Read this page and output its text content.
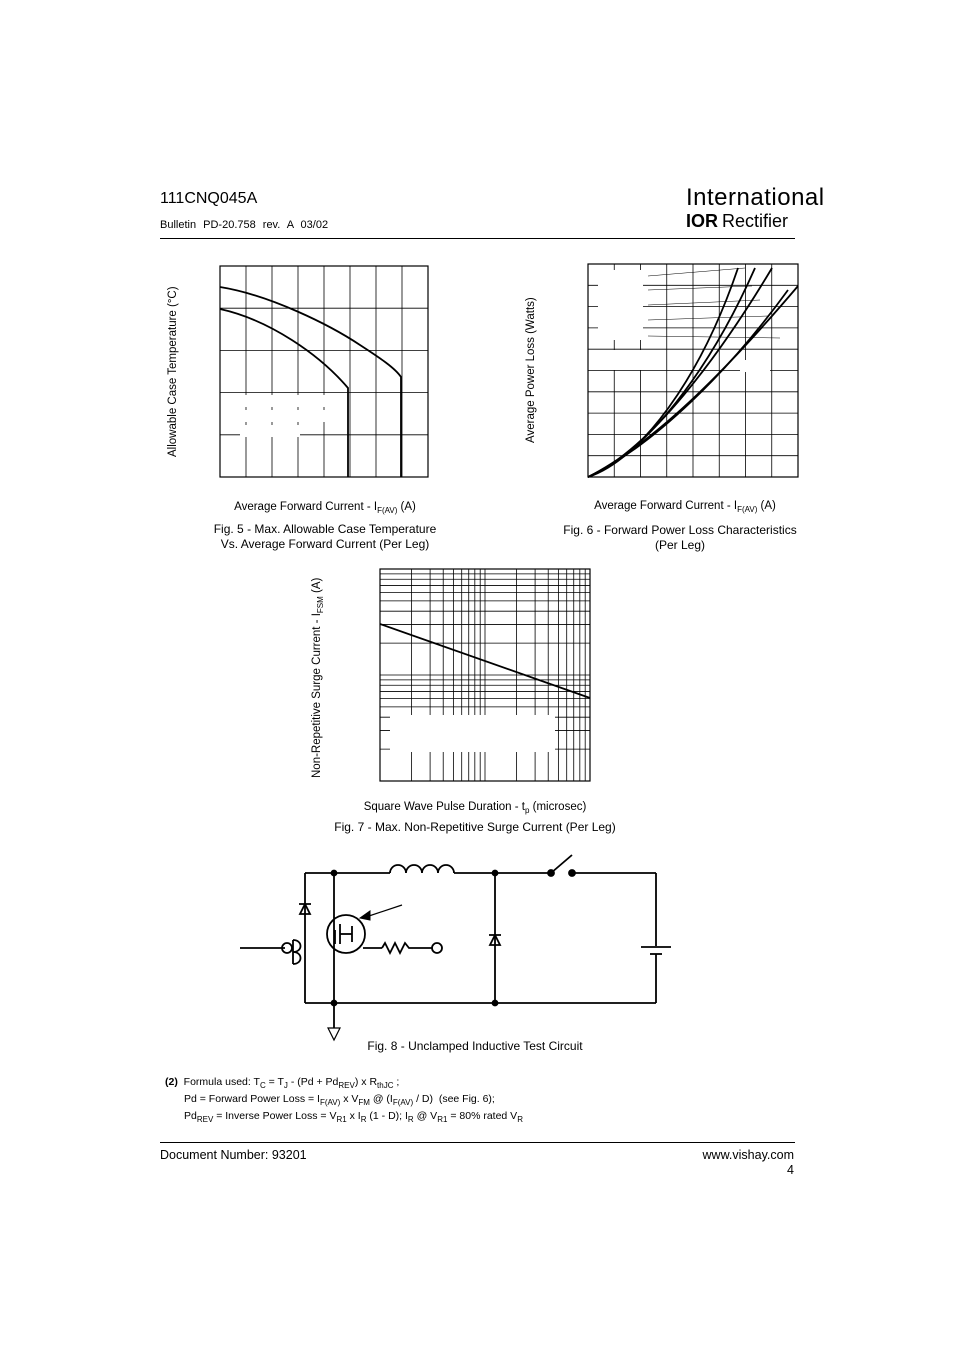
111CNQ045A
Bulletin PD-20.758 rev. A 03/02
International
IOR Rectifier
Allowable Case Temperature (°C)
Average Forward Current - $I_{F(AV)}$ (A)
Fig. 5 - Max. Allowable Case Temperature
Vs. Average Forward Current (Per Leg)
Average Power Loss (Watts)
Average Forward Current - $I_{F(AV)}$ (A)
Fig. 6 - Forward Power Loss Characteristics
(Per Leg)
Non-Repetitive Surge Current - $I_{FSM}$ (A)
Square Wave Pulse Duration - $t_p$ (microsec)
Fig. 7 - Max. Non-Repetitive Surge Current (Per Leg)
Fig. 8 - Unclamped Inductive Test Circuit
(2)  Formula used: $T_C = T_J - (Pd + Pd_{REV})$ x $R_{thJC}$ ;
Pd = Forward Power Loss = $I_{F(AV)}$ x $V_{FM}$ @ $(I_{F(AV)} / D)$  (see Fig. 6);
$Pd_{REV}$ = Inverse Power Loss = $V_{R1}$ x $I_R$ (1 - D); $I_R$ @ $V_{R1} = 80\%$ rated $V_R$
Document Number: 93201	www.vishay.com
4
